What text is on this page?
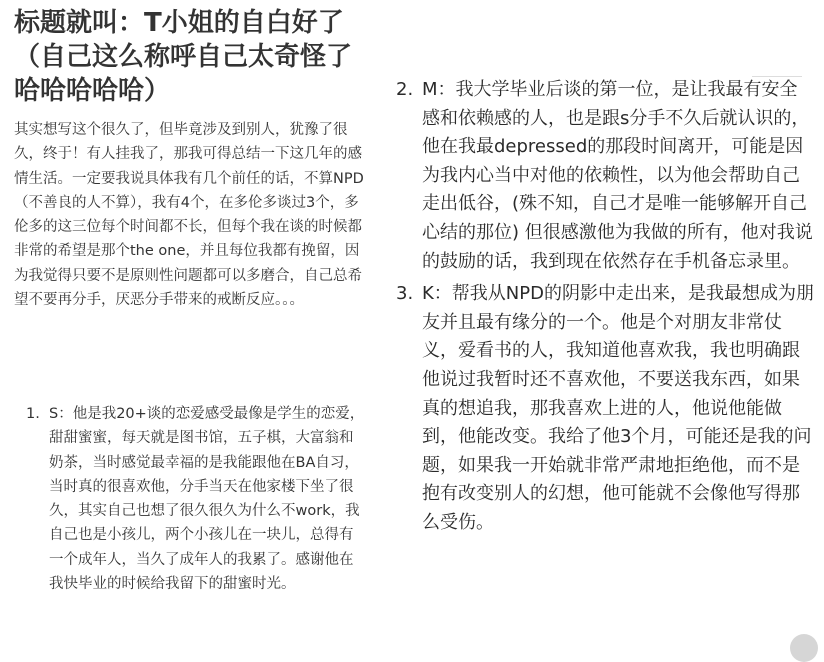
标题就叫：T小姐的自白好了（自己这么称呼自己太奇怪了哈哈哈哈哈）

其实想写这个很久了，但毕竟涉及到别人，犹豫了很久，终于！有人挂我了，那我可得总结一下这几年的感情生活。一定要我说具体我有几个前任的话，不算NPD（不善良的人不算），我有4个，在多伦多谈过3个，多伦多的这三位每个时间都不长，但每个我在谈的时候都非常的希望是那个the one，并且每位我都有挽留，因为我觉得只要不是原则性问题都可以多磨合，自己总希望不要再分手，厌恶分手带来的戒断反应。。。

1. S：他是我20+谈的恋爱感受最像是学生的恋爱，甜甜蜜蜜，每天就是图书馆，五子棋，大富翁和奶茶，当时感觉最幸福的是我能跟他在BA自习，当时真的很喜欢他，分手当天在他家楼下坐了很久，其实自己也想了很久很久为什么不work，我自己也是小孩儿，两个小孩儿在一块儿，总得有一个成年人，当久了成年人的我累了。感谢他在我快毕业的时候给我留下的甜蜜时光。
2. M：我大学毕业后谈的第一位，是让我最有安全感和依赖感的人，也是跟s分手不久后就认识的，他在我最depressed的那段时间离开，可能是因为我内心当中对他的依赖性，以为他会帮助自己走出低谷，(殊不知，自己才是唯一能够解开自己心结的那位) 但很感激他为我做的所有，他对我说的鼓励的话，我到现在依然存在手机备忘录里。
3. K：帮我从NPD的阴影中走出来，是我最想成为朋友并且最有缘分的一个。他是个对朋友非常仗义，爱看书的人，我知道他喜欢我，我也明确跟他说过我暂时还不喜欢他，不要送我东西，如果真的想追我，那我喜欢上进的人，他说他能做到，他能改变。我给了他3个月，可能还是我的问题，如果我一开始就非常严肃地拒绝他，而不是抱有改变别人的幻想，他可能就不会像他写得那么受伤。
